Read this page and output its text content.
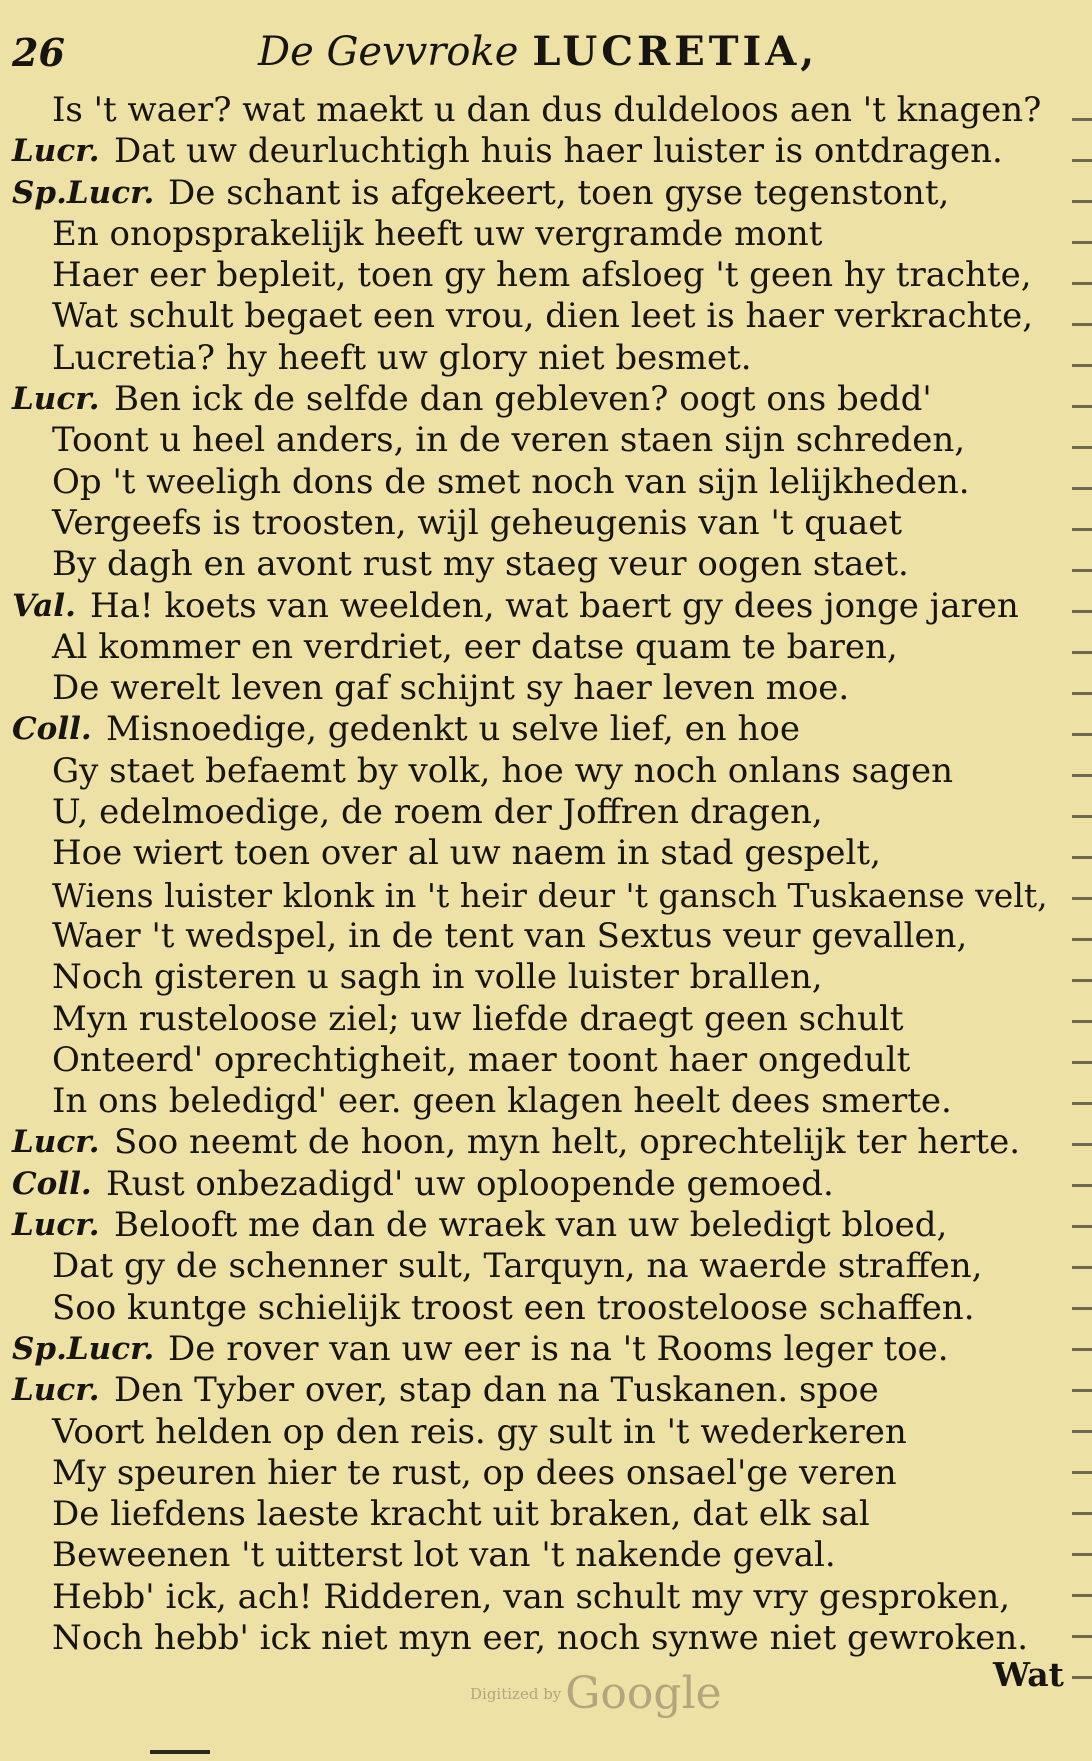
26	De Gevvroke LUCRETIA,
Is 't waer? wat maekt u dan dus duldeloos aen 't knagen?
Lucr. Dat uw deurluchtigh huis haer luister is ontdragen.
Sp.Lucr. De schant is afgekeert, toen gyse tegenstont,
En onopsprakelijk heeft uw vergramde mont
Haer eer bepleit, toen gy hem afsloeg 't geen hy trachte,
Wat schult begaet een vrou, dien leet is haer verkrachte,
Lucretia? hy heeft uw glory niet besmet.
Lucr. Ben ick de selfde dan gebleven? oogt ons bedd'
Toont u heel anders, in de veren staen sijn schreden,
Op 't weeligh dons de smet noch van sijn lelijkheden.
Vergeefs is troosten, wijl geheugenis van 't quaet
By dagh en avont rust my staeg veur oogen staet.
Val. Ha! koets van weelden, wat baert gy dees jonge jaren
Al kommer en verdriet, eer datse quam te baren,
De werelt leven gaf schijnt sy haer leven moe.
Coll. Misnoedige, gedenkt u selve lief, en hoe
Gy staet befaemt by volk, hoe wy noch onlans sagen
U, edelmoedige, de roem der Joffren dragen,
Hoe wiert toen over al uw naem in stad gespelt,
Wiens luister klonk in 't heir deur 't gansch Tuskaense velt,
Waer 't wedspel, in de tent van Sextus veur gevallen,
Noch gisteren u sagh in volle luister brallen,
Myn rusteloose ziel; uw liefde draegt geen schult
Onteerd' oprechtigheit, maer toont haer ongedult
In ons beledigd' eer. geen klagen heelt dees smerte.
Lucr. Soo neemt de hoon, myn helt, oprechtelijk ter herte.
Coll. Rust onbezadigd' uw oploopende gemoed.
Lucr. Belooft me dan de wraek van uw beledigt bloed,
Dat gy de schenner sult, Tarquyn, na waerde straffen,
Soo kuntge schielijk troost een troosteloose schaffen.
Sp.Lucr. De rover van uw eer is na 't Rooms leger toe.
Lucr. Den Tyber over, stap dan na Tuskanen. spoe
Voort helden op den reis. gy sult in 't wederkeren
My speuren hier te rust, op dees onsael'ge veren
De liefdens laeste kracht uit braken, dat elk sal
Beweenen 't uitterst lot van 't nakende geval.
Hebb' ick, ach! Ridderen, van schult my vry gesproken,
Noch hebb' ick niet myn eer, noch synwe niet gewroken.
Wat
Digitized byGoogle
